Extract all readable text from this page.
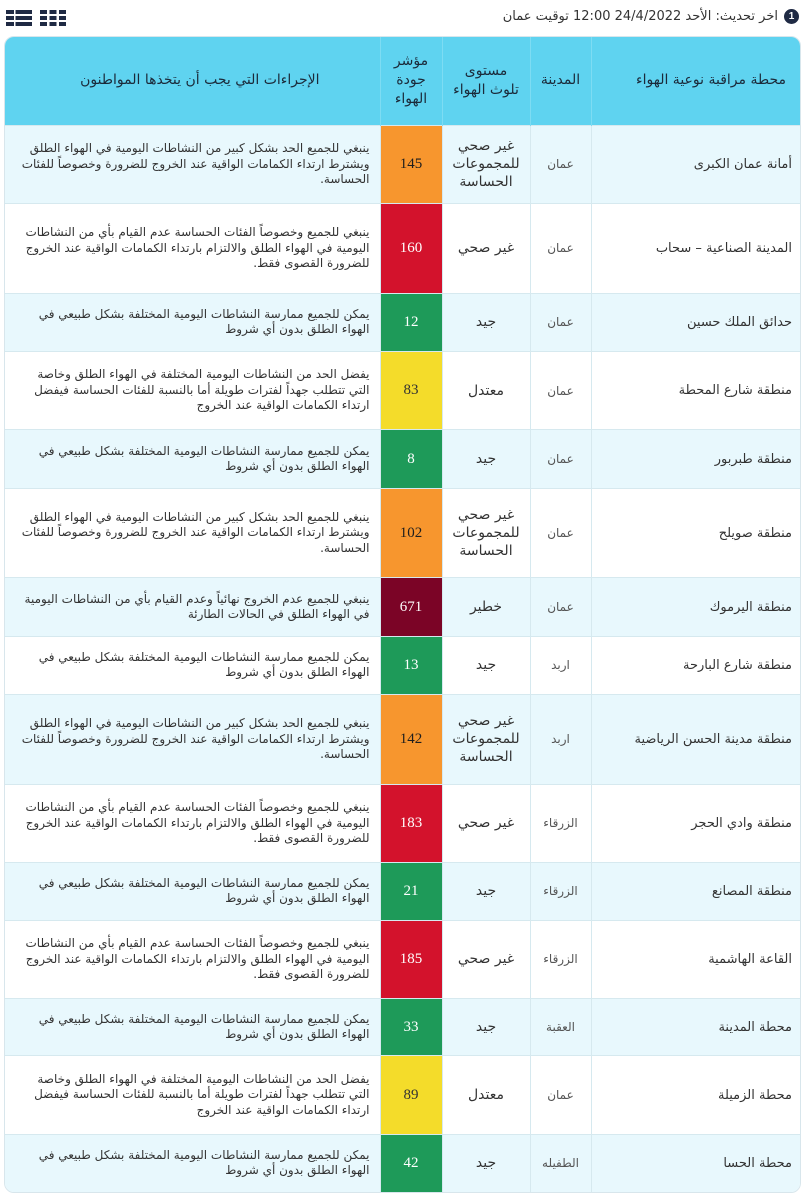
1
اخر تحديث: الأحد 24/4/2022 12:00 توقيت عمان
محطة مراقبة نوعية الهواء	المدينة	مستوى تلوث الهواء	مؤشر جودة الهواء	الإجراءات التي يجب أن يتخذها المواطنون
أمانة عمان الكبرى	عمان	غير صحي للمجموعات الحساسة	145	ينبغي للجميع الحد بشكل كبير من النشاطات اليومية في الهواء الطلق ويشترط ارتداء الكمامات الواقية عند الخروج للضرورة وخصوصاً للفئات الحساسة.
المدينة الصناعية – سحاب	عمان	غير صحي	160	ينبغي للجميع وخصوصاً الفئات الحساسة عدم القيام بأي من النشاطات اليومية في الهواء الطلق والالتزام بارتداء الكمامات الواقية عند الخروج للضرورة القصوى فقط.
حدائق الملك حسين	عمان	جيد	12	يمكن للجميع ممارسة النشاطات اليومية المختلفة بشكل طبيعي في الهواء الطلق بدون أي شروط
منطقة شارع المحطة	عمان	معتدل	83	يفضل الحد من النشاطات اليومية المختلفة في الهواء الطلق وخاصة التي تتطلب جهداً لفترات طويلة أما بالنسبة للفئات الحساسة فيفضل ارتداء الكمامات الواقية عند الخروج
منطقة طبربور	عمان	جيد	8	يمكن للجميع ممارسة النشاطات اليومية المختلفة بشكل طبيعي في الهواء الطلق بدون أي شروط
منطقة صويلح	عمان	غير صحي للمجموعات الحساسة	102	ينبغي للجميع الحد بشكل كبير من النشاطات اليومية في الهواء الطلق ويشترط ارتداء الكمامات الواقية عند الخروج للضرورة وخصوصاً للفئات الحساسة.
منطقة اليرموك	عمان	خطير	671	ينبغي للجميع عدم الخروج نهائياً وعدم القيام بأي من النشاطات اليومية في الهواء الطلق في الحالات الطارئة
منطقة شارع البارحة	اربد	جيد	13	يمكن للجميع ممارسة النشاطات اليومية المختلفة بشكل طبيعي في الهواء الطلق بدون أي شروط
منطقة مدينة الحسن الرياضية	اربد	غير صحي للمجموعات الحساسة	142	ينبغي للجميع الحد بشكل كبير من النشاطات اليومية في الهواء الطلق ويشترط ارتداء الكمامات الواقية عند الخروج للضرورة وخصوصاً للفئات الحساسة.
منطقة وادي الحجر	الزرقاء	غير صحي	183	ينبغي للجميع وخصوصاً الفئات الحساسة عدم القيام بأي من النشاطات اليومية في الهواء الطلق والالتزام بارتداء الكمامات الواقية عند الخروج للضرورة القصوى فقط.
منطقة المصانع	الزرقاء	جيد	21	يمكن للجميع ممارسة النشاطات اليومية المختلفة بشكل طبيعي في الهواء الطلق بدون أي شروط
القاعة الهاشمية	الزرقاء	غير صحي	185	ينبغي للجميع وخصوصاً الفئات الحساسة عدم القيام بأي من النشاطات اليومية في الهواء الطلق والالتزام بارتداء الكمامات الواقية عند الخروج للضرورة القصوى فقط.
محطة المدينة	العقبة	جيد	33	يمكن للجميع ممارسة النشاطات اليومية المختلفة بشكل طبيعي في الهواء الطلق بدون أي شروط
محطة الزميلة	عمان	معتدل	89	يفضل الحد من النشاطات اليومية المختلفة في الهواء الطلق وخاصة التي تتطلب جهداً لفترات طويلة أما بالنسبة للفئات الحساسة فيفضل ارتداء الكمامات الواقية عند الخروج
محطة الحسا	الطفيله	جيد	42	يمكن للجميع ممارسة النشاطات اليومية المختلفة بشكل طبيعي في الهواء الطلق بدون أي شروط
